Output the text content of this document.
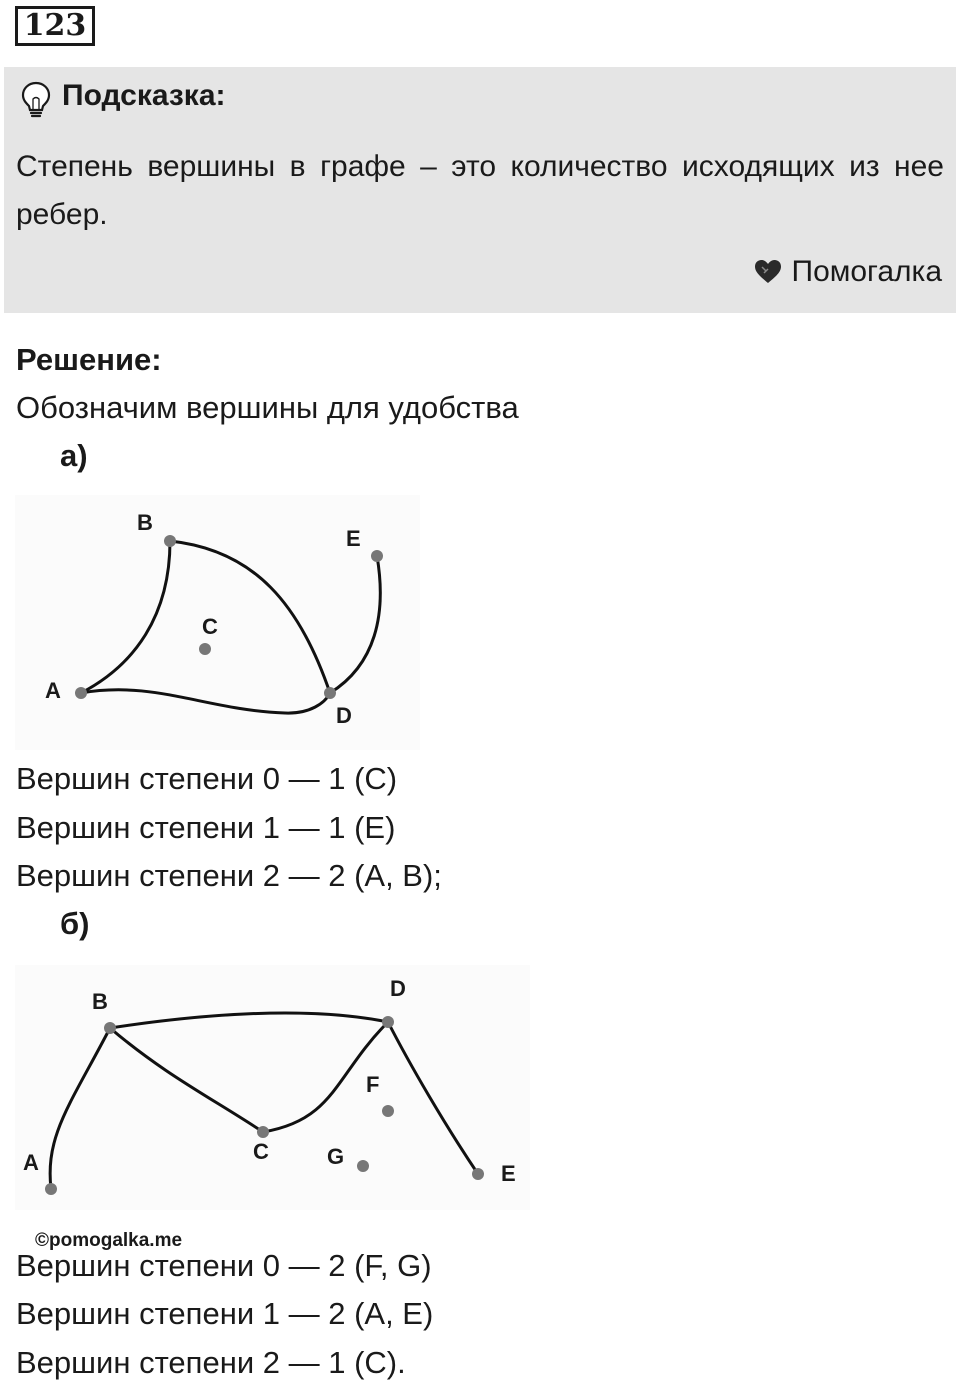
123
Подсказка:
Степень вершины в графе – это количество исходящих из нее ребер.
Помогалка
Решение:
Обозначим вершины для удобства
а)
A
B
C
D
E
Вершин степени 0 — 1 (С)
Вершин степени 1 — 1 (Е)
Вершин степени 2 — 2 (А, В);
б)
A
B
C
D
E
F
G
©pomogalka.me
Вершин степени 0 — 2 (F, G)
Вершин степени 1 — 2 (А, Е)
Вершин степени 2 — 1 (С).
